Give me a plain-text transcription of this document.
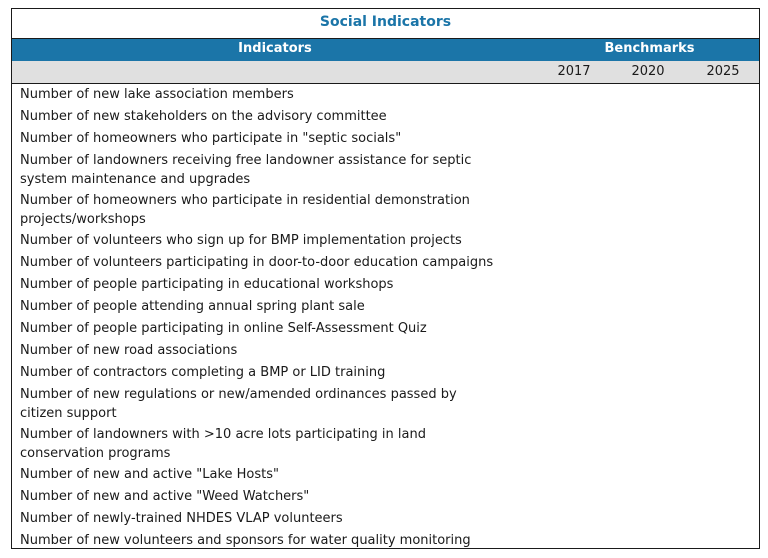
Social Indicators
Indicators	Benchmarks
2017	2020	2025
Number of new lake association members
Number of new stakeholders on the advisory committee
Number of homeowners who participate in "septic socials"
Number of landowners receiving free landowner assistance for septic system maintenance and upgrades
Number of homeowners who participate in residential demonstration projects/workshops
Number of volunteers who sign up for BMP implementation projects
Number of volunteers participating in door-to-door education campaigns
Number of people participating in educational workshops
Number of people attending annual spring plant sale
Number of people participating in online Self-Assessment Quiz
Number of new road associations
Number of contractors completing a BMP or LID training
Number of new regulations or new/amended ordinances passed by citizen support
Number of landowners with >10 acre lots participating in land conservation programs
Number of new and active "Lake Hosts"
Number of new and active "Weed Watchers"
Number of newly-trained NHDES VLAP volunteers
Number of new volunteers and sponsors for water quality monitoring
